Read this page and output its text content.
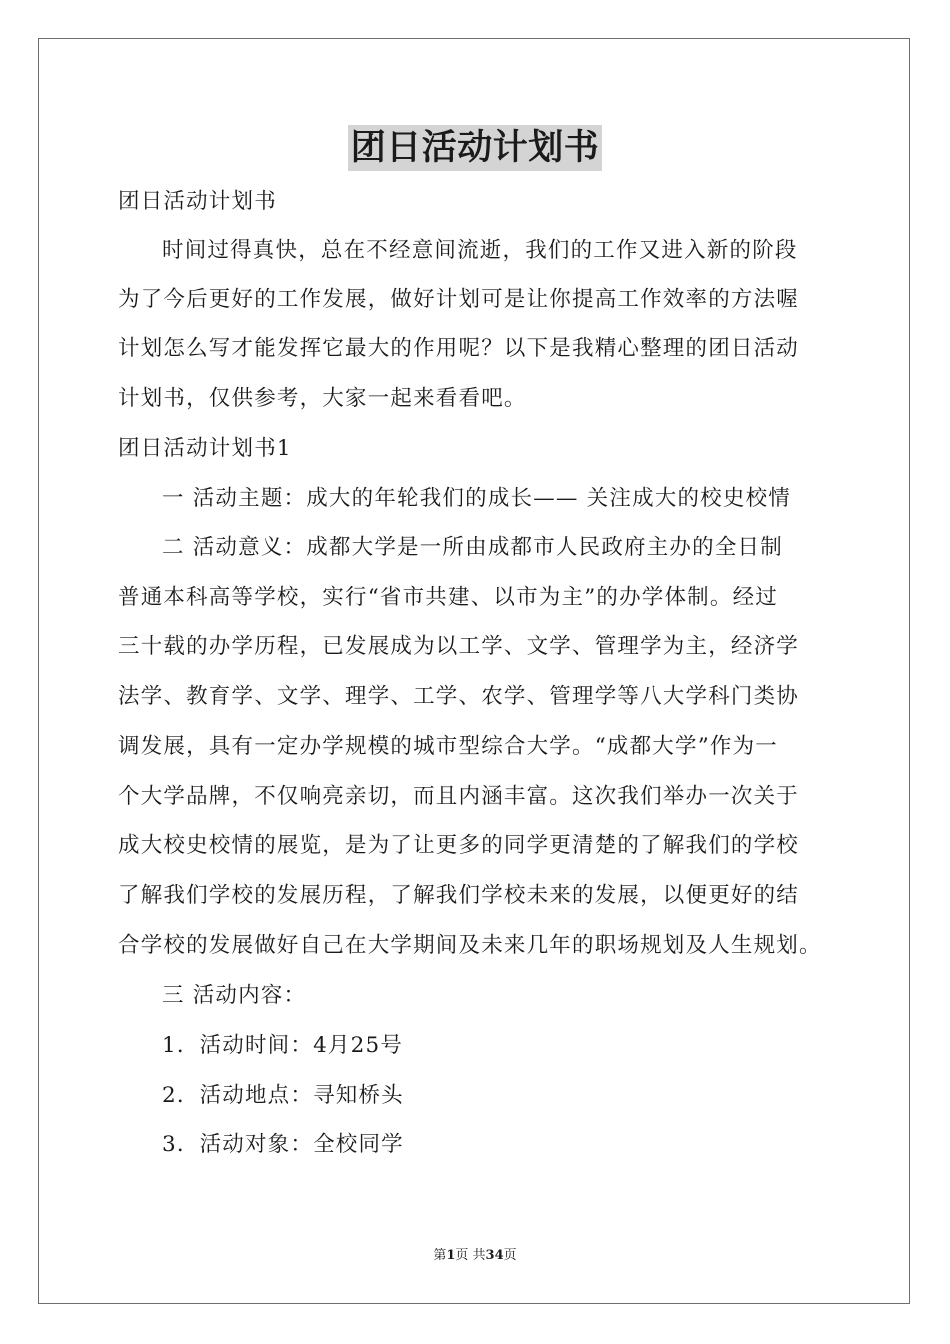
团日活动计划书
团日活动计划书
时间过得真快，总在不经意间流逝，我们的工作又进入新的阶段
为了今后更好的工作发展，做好计划可是让你提高工作效率的方法喔
计划怎么写才能发挥它最大的作用呢？以下是我精心整理的团日活动
计划书，仅供参考，大家一起来看看吧。
团日活动计划书1
一 活动主题：成大的年轮我们的成长—— 关注成大的校史校情
二 活动意义：成都大学是一所由成都市人民政府主办的全日制
普通本科高等学校，实行“省市共建、以市为主”的办学体制。经过
三十载的办学历程，已发展成为以工学、文学、管理学为主，经济学
法学、教育学、文学、理学、工学、农学、管理学等八大学科门类协
调发展，具有一定办学规模的城市型综合大学。“成都大学”作为一
个大学品牌，不仅响亮亲切，而且内涵丰富。这次我们举办一次关于
成大校史校情的展览，是为了让更多的同学更清楚的了解我们的学校
了解我们学校的发展历程，了解我们学校未来的发展，以便更好的结
合学校的发展做好自己在大学期间及未来几年的职场规划及人生规划。
三 活动内容：
1．活动时间：4月25号
2．活动地点：寻知桥头
3．活动对象：全校同学
第1页 共34页
